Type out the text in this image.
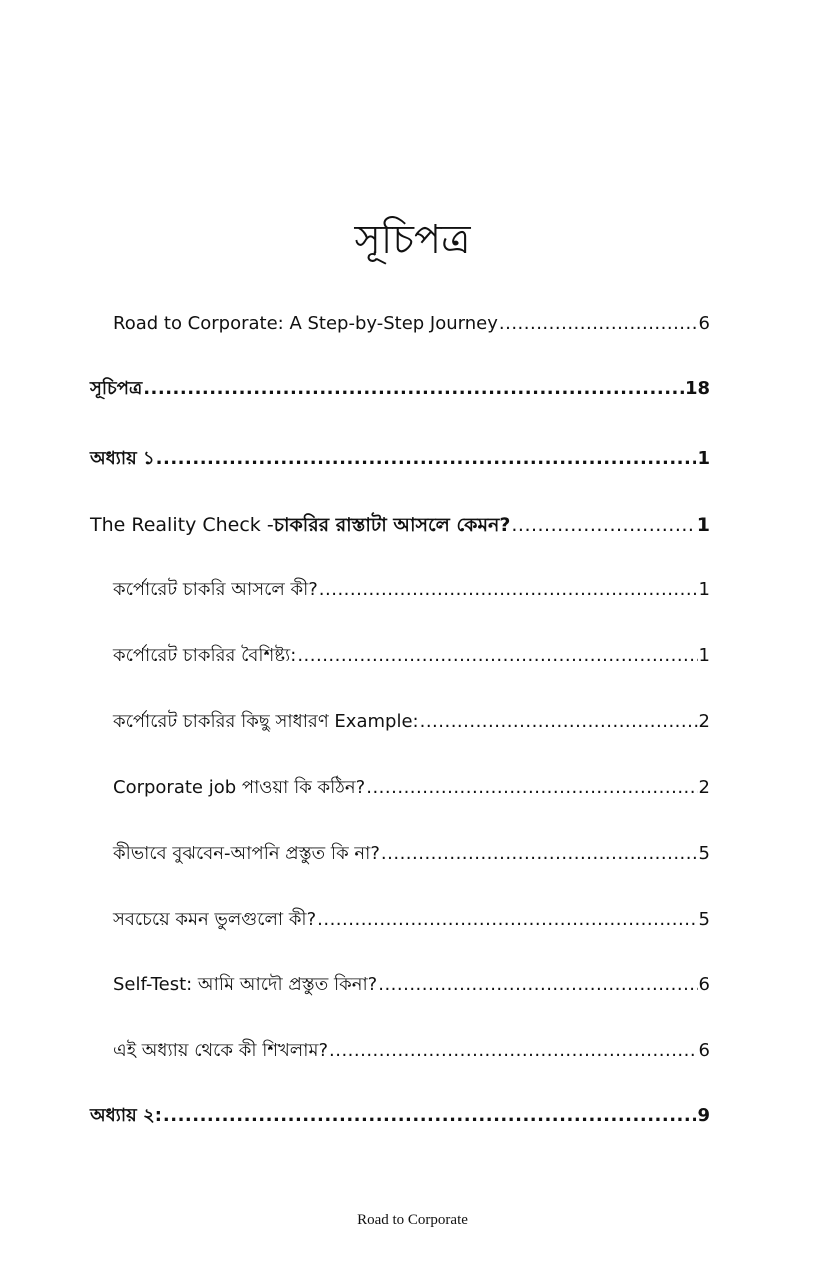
সূচিপত্র
Road to Corporate: A Step-by-Step Journey .....	6
সূচিপত্র .....	18
অধ্যায় ১ .....	1
The Reality Check -চাকরির রাস্তাটা আসলে কেমন? .....	1
কর্পোরেট চাকরি আসলে কী? .....	1
কর্পোরেট চাকরির বৈশিষ্ট্য: .....	1
কর্পোরেট চাকরির কিছু সাধারণ Example: .....	2
Corporate job পাওয়া কি কঠিন? .....	2
কীভাবে বুঝবেন-আপনি প্রস্তুত কি না? .....	5
সবচেয়ে কমন ভুলগুলো কী? .....	5
Self-Test: আমি আদৌ প্রস্তুত কিনা? .....	6
এই অধ্যায় থেকে কী শিখলাম? .....	6
অধ্যায় ২: .....	9
Road to Corporate
